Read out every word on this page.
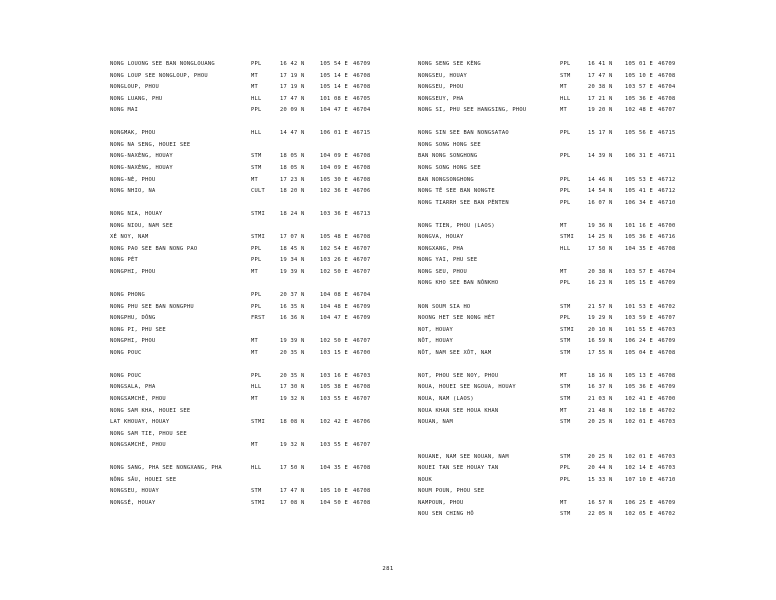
NONG LOUONG SEE BAN NONGLOUANG	PPL	16 42 N	105 54 E 46709
NONG LOUP SEE NONGLOUP, PHOU	MT	17 19 N	105 14 E 46708
NONGLOUP, PHOU	MT	17 19 N	105 14 E 46708
NONG LUANG, PHU	HLL	17 47 N	101 08 E 46705
NONG MAI	PPL	20 09 N	104 47 E 46704
NONGMAK, PHOU	HLL	14 47 N	106 01 E 46715
NONG NA SENG, HOUEI SEE
NONG-NAXÈNG, HOUAY	STM	18 05 N	104 09 E 46708
NONG-NAXÈNG, HOUAY	STM	18 05 N	104 09 E 46708
NONG-NÈ, PHOU	MT	17 23 N	105 30 E 46708
NONG NHIO, NA	CULT	18 20 N	102 36 E 46706
NONG NIA, HOUAY	STMI	18 24 N	103 36 E 46713
NONG NIOU, NAM SEE
XÉ NOY, NAM	STMI	17 07 N	105 48 E 46708
NONG PAO SEE BAN NONG PAO	PPL	18 45 N	102 54 E 46707
NONG PÉT	PPL	19 34 N	103 26 E 46707
NONGPHI, PHOU	MT	19 39 N	102 50 E 46707
NONG PHONG	PPL	20 37 N	104 08 E 46704
NONG PHU SEE BAN NONGPHU	PPL	16 35 N	104 48 E 46709
NONGPHU, DÔNG	FRST	16 36 N	104 47 E 46709
NONG PI, PHU SEE
NONGPHI, PHOU	MT	19 39 N	102 50 E 46707
NONG POUC	MT	20 35 N	103 15 E 46700
NONG POUC	PPL	20 35 N	103 16 E 46703
NONGSALA, PHA	HLL	17 30 N	105 38 E 46708
NONGSAMCHÈ, PHOU	MT	19 32 N	103 55 E 46707
NONG SAM KHA, HOUEI SEE
LAT KHOUAY, HOUAY	STMI	18 08 N	102 42 E 46706
NONG SAM TIE, PHOU SEE
NONGSAMCHÈ, PHOU	MT	19 32 N	103 55 E 46707
NONG SANG, PHA SEE NONGXANG, PHA	HLL	17 50 N	104 35 E 46708
NÔNG SÂU, HOUEI SEE
NONGSEU, HOUAY	STM	17 47 N	105 10 E 46708
NONGSÉ, HOUAY	STMI	17 08 N	104 50 E 46708
NONG SENG SEE KÈNG	PPL	16 41 N 105 01 E 46709
NONGSEU, HOUAY	STM	17 47 N 105 10 E 46708
NONGSEU, PHOU	MT	20 38 N 103 57 E 46704
NONGSEUY, PHA	HLL	17 21 N 105 36 E 46708
NONG SI, PHU SEE HANGSING, PHOU	MT	19 20 N 102 48 E 46707
NONG SIN SEE BAN NONGSATAO	PPL	15 17 N 105 56 E 46715
NONG SONG HONG SEE
BAN NONG SONGHONG	PPL	14 39 N 106 31 E 46711
NONG SONG HONG SEE
BAN NONGSONGHONG	PPL	14 46 N 105 53 E 46712
NONG TÊ SEE BAN NONGTE	PPL	14 54 N 105 41 E 46712
NONG TIARRH SEE BAN PÈNTEN	PPL	16 07 N 106 34 E 46710
NONG TIEN, PHOU (LAOS)	MT	19 36 N 101 16 E 46700
NONGVA, HOUAY	STMI	14 25 N 105 36 E 46716
NONGXANG, PHA	HLL	17 50 N 104 35 E 46708
NONG YAI, PHU SEE
NONG SEU, PHOU	MT	20 38 N 103 57 E 46704
NONG KHO SEE BAN NÔNKHO	PPL	16 23 N 105 15 E 46709
NON SOUM SIA HO	STM	21 57 N 101 53 E 46702
NOONG HET SEE NONG HÈT	PPL	19 29 N 103 59 E 46707
NOT, HOUAY	STMI	20 10 N 101 55 E 46703
NÔT, HOUAY	STM	16 59 N 106 24 E 46709
NÔT, NAM SEE XÔT, NAM	STM	17 55 N 105 04 E 46708
NOT, PHOU SEE NOY, PHOU	MT	18 16 N 105 13 E 46708
NOUA, HOUEI SEE NGOUA, HOUAY	STM	16 37 N 105 36 E 46709
NOUA, NAM (LAOS)	STM	21 03 N 102 41 E 46700
NOUA KHAN SEE HOUA KHAN	MT	21 48 N 102 18 E 46702
NOUAN, NAM	STM	20 25 N 102 01 E 46703
NOUANE, NAM SEE NOUAN, NAM	STM	20 25 N 102 01 E 46703
NOUEI TAN SEE HOUAY TAN	PPL	20 44 N 102 14 E 46703
NOUK	PPL	15 33 N 107 10 E 46710
NOUM POUN, PHOU SEE
NAMPOUN, PHOU	MT	16 57 N 106 25 E 46709
NOU SEN CHING HÔ	STM	22 05 N 102 05 E 46702
281
